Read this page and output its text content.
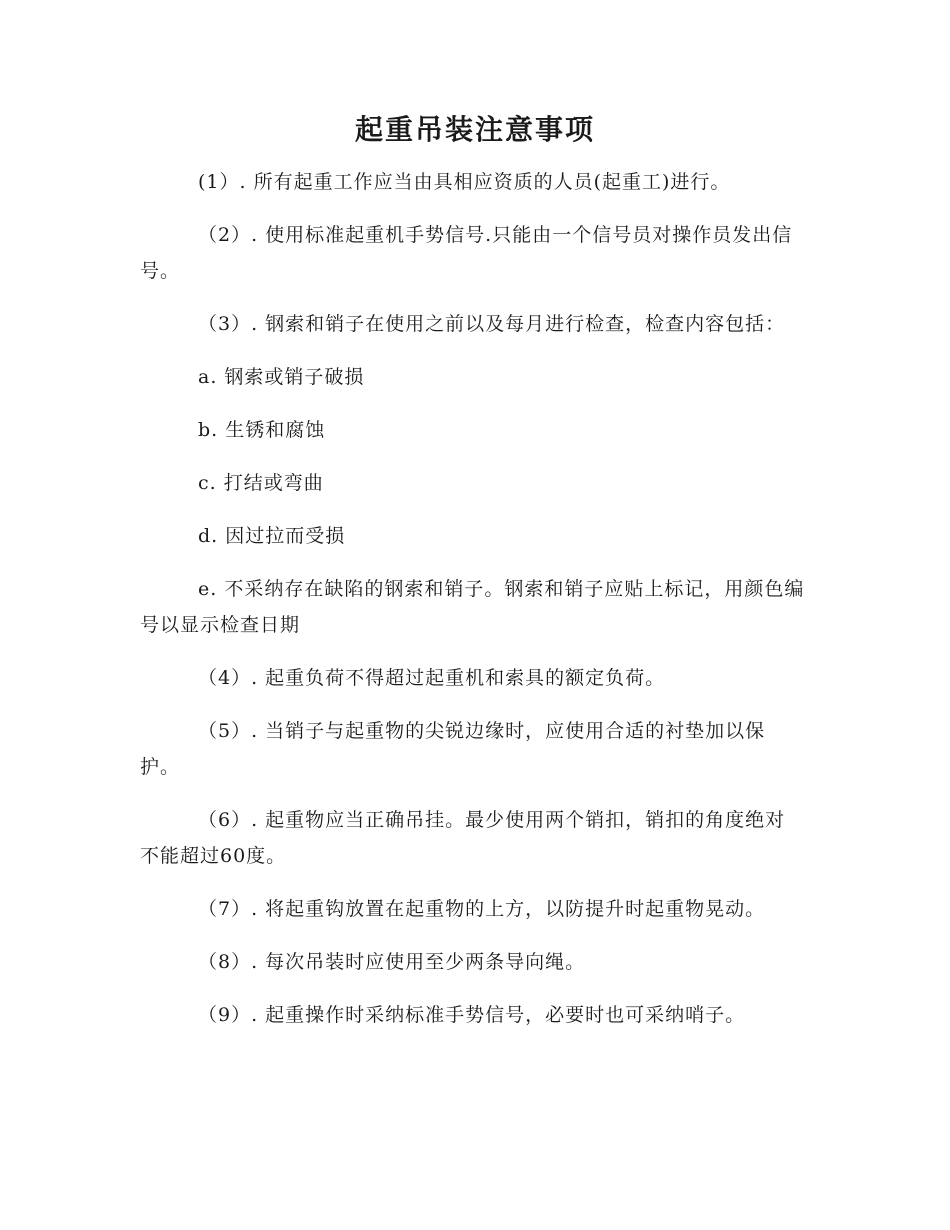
起重吊装注意事项

(1）. 所有起重工作应当由具相应资质的人员(起重工)进行。

（2）. 使用标准起重机手势信号.只能由一个信号员对操作员发出信号。

（3）. 钢索和销子在使用之前以及每月进行检查，检查内容包括：

a. 钢索或销子破损

b. 生锈和腐蚀

c. 打结或弯曲

d. 因过拉而受损

e. 不采纳存在缺陷的钢索和销子。钢索和销子应贴上标记，用颜色编号以显示检查日期

（4）. 起重负荷不得超过起重机和索具的额定负荷。

（5）. 当销子与起重物的尖锐边缘时，应使用合适的衬垫加以保护。

（6）. 起重物应当正确吊挂。最少使用两个销扣，销扣的角度绝对不能超过60度。

（7）. 将起重钩放置在起重物的上方，以防提升时起重物晃动。

（8）. 每次吊装时应使用至少两条导向绳。

（9）. 起重操作时采纳标准手势信号，必要时也可采纳哨子。
